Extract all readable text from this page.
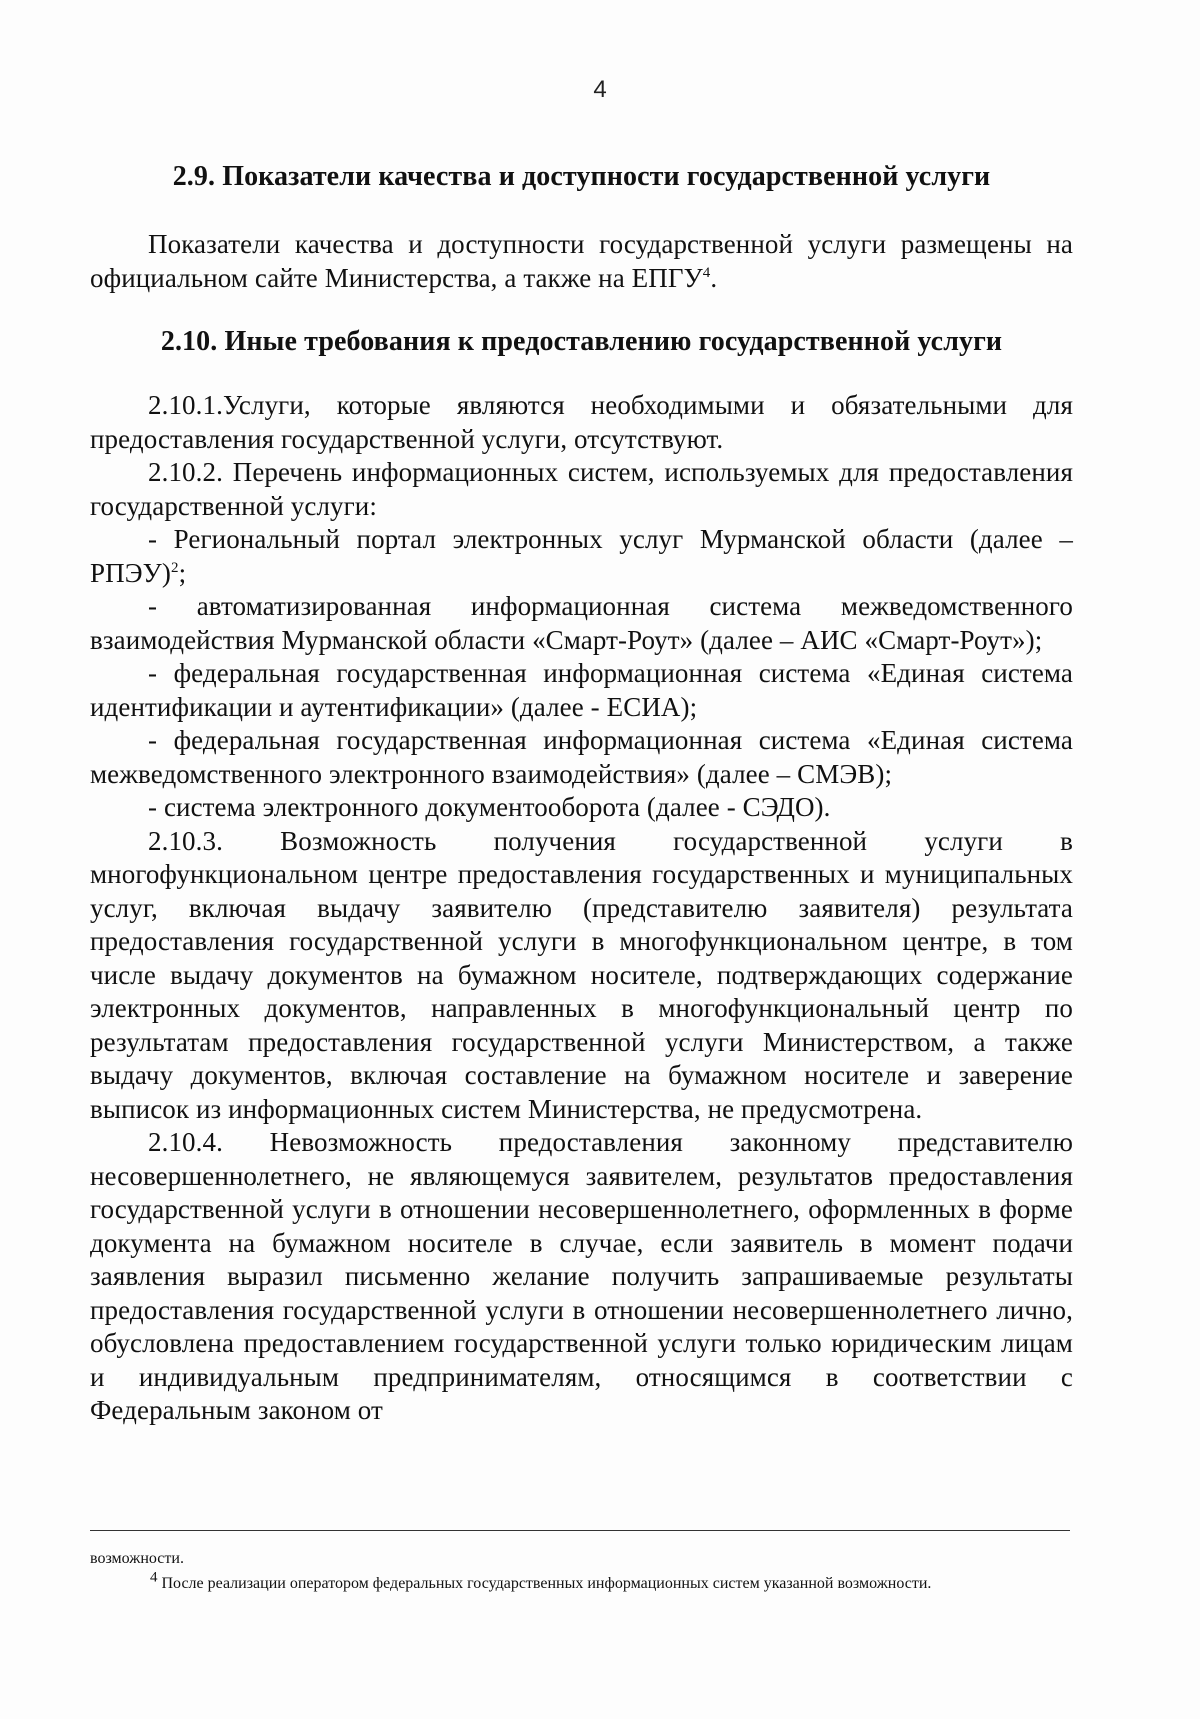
4
2.9. Показатели качества и доступности государственной услуги

Показатели качества и доступности государственной услуги размещены на официальном сайте Министерства, а также на ЕПГУ$^4$.

2.10. Иные требования к предоставлению государственной услуги

2.10.1.Услуги, которые являются необходимыми и обязательными для предоставления государственной услуги, отсутствуют.

2.10.2. Перечень информационных систем, используемых для предоставления государственной услуги:

- Региональный портал электронных услуг Мурманской области (далее – РПЭУ)$^2$;

- автоматизированная информационная система межведомственного взаимодействия Мурманской области «Смарт-Роут» (далее – АИС «Смарт-Роут»);

- федеральная государственная информационная система «Единая система идентификации и аутентификации» (далее - ЕСИА);

- федеральная государственная информационная система «Единая система межведомственного электронного взаимодействия» (далее – СМЭВ);

- система электронного документооборота (далее - СЭДО).

2.10.3. Возможность получения государственной услуги в многофункциональном центре предоставления государственных и муниципальных услуг, включая выдачу заявителю (представителю заявителя) результата предоставления государственной услуги в многофункциональном центре, в том числе выдачу документов на бумажном носителе, подтверждающих содержание электронных документов, направленных в многофункциональный центр по результатам предоставления государственной услуги Министерством, а также выдачу документов, включая составление на бумажном носителе и заверение выписок из информационных систем Министерства, не предусмотрена.

2.10.4. Невозможность предоставления законному представителю несовершеннолетнего, не являющемуся заявителем, результатов предоставления государственной услуги в отношении несовершеннолетнего, оформленных в форме документа на бумажном носителе в случае, если заявитель в момент подачи заявления выразил письменно желание получить запрашиваемые результаты предоставления государственной услуги в отношении несовершеннолетнего лично, обусловлена предоставлением государственной услуги только юридическим лицам и индивидуальным предпринимателям, относящимся в соответствии с Федеральным законом от

возможности.

$^4$ После реализации оператором федеральных государственных информационных систем указанной возможности.
